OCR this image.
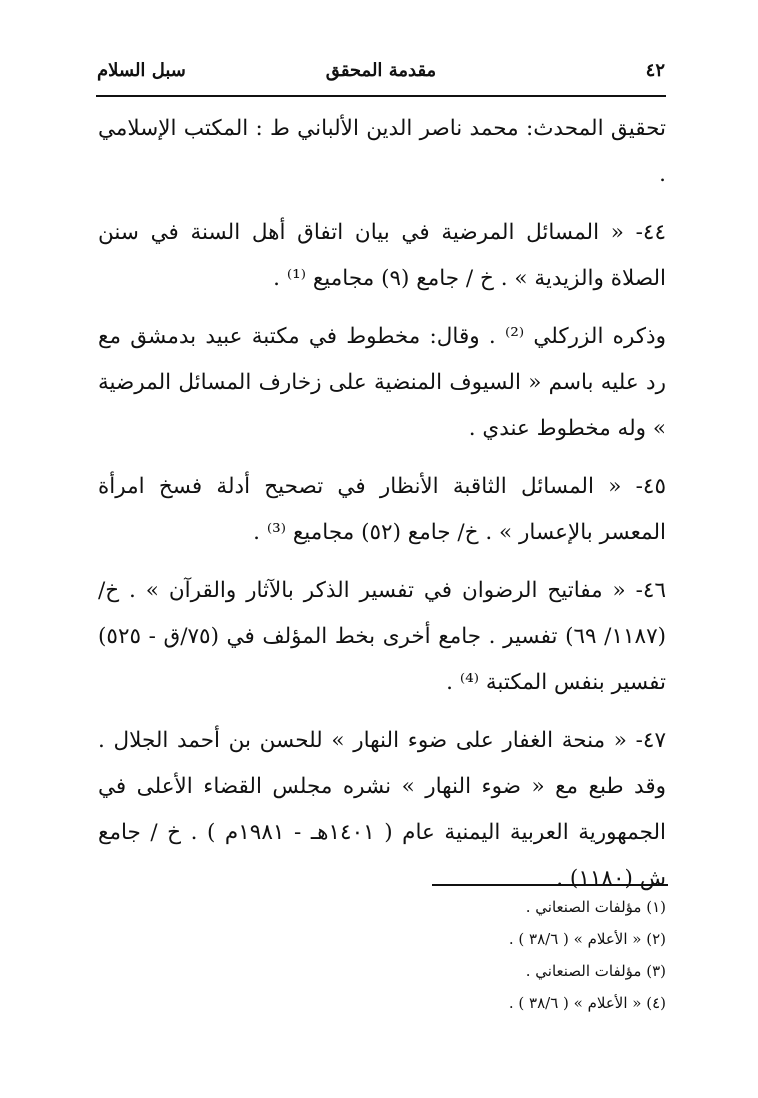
٤٢
مقدمة المحقق
سبل السلام

تحقيق المحدث: محمد ناصر الدين الألباني ط : المكتب الإسلامي .

٤٤- « المسائل المرضية في بيان اتفاق أهل السنة في سنن الصلاة والزيدية » . خ / جامع (٩) مجاميع ⁽¹⁾ .

وذكره الزركلي ⁽²⁾ . وقال: مخطوط في مكتبة عبيد بدمشق مع رد عليه باسم « السيوف المنضية على زخارف المسائل المرضية » وله مخطوط عندي .

٤٥- « المسائل الثاقبة الأنظار في تصحيح أدلة فسخ امرأة المعسر بالإعسار » . خ/ جامع (٥٢) مجاميع ⁽³⁾ .

٤٦- « مفاتيح الرضوان في تفسير الذكر بالآثار والقرآن » . خ/ (١١٨٧/ ٦٩) تفسير . جامع أخرى بخط المؤلف في (٧٥/ق - ٥٢٥) تفسير بنفس المكتبة ⁽⁴⁾ .

٤٧- « منحة الغفار على ضوء النهار » للحسن بن أحمد الجلال . وقد طبع مع « ضوء النهار » نشره مجلس القضاء الأعلى في الجمهورية العربية اليمنية عام ( ١٤٠١هـ - ١٩٨١م ) . خ / جامع ش (١١٨٠) .

(١) مؤلفات الصنعاني .
(٢) « الأعلام » ( ٣٨/٦ ) .
(٣) مؤلفات الصنعاني .
(٤) « الأعلام » ( ٣٨/٦ ) .
